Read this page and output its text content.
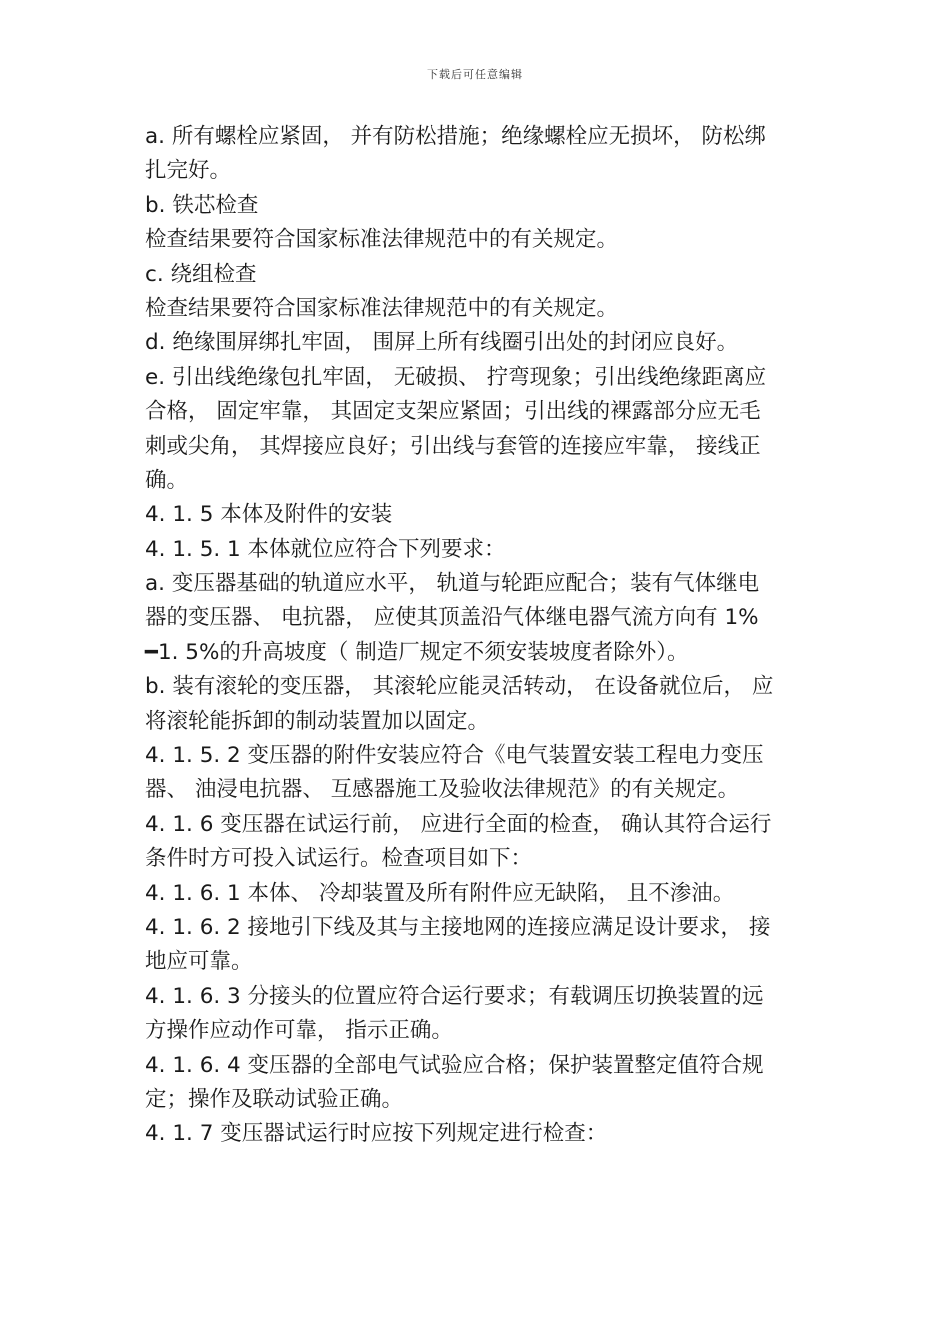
下载后可任意编辑
a. 所有螺栓应紧固， 并有防松措施；绝缘螺栓应无损坏， 防松绑
扎完好。
b. 铁芯检查
检查结果要符合国家标准法律规范中的有关规定。
c. 绕组检查
检查结果要符合国家标准法律规范中的有关规定。
d. 绝缘围屏绑扎牢固， 围屏上所有线圈引出处的封闭应良好。
e. 引出线绝缘包扎牢固， 无破损、 拧弯现象；引出线绝缘距离应
合格， 固定牢靠， 其固定支架应紧固；引出线的裸露部分应无毛
刺或尖角， 其焊接应良好；引出线与套管的连接应牢靠， 接线正
确。
4. 1. 5 本体及附件的安装
4. 1. 5. 1 本体就位应符合下列要求：
a. 变压器基础的轨道应水平， 轨道与轮距应配合；装有气体继电
器的变压器、 电抗器， 应使其顶盖沿气体继电器气流方向有 1%
━1. 5%的升高坡度（ 制造厂规定不须安装坡度者除外）。
b. 装有滚轮的变压器， 其滚轮应能灵活转动， 在设备就位后， 应
将滚轮能拆卸的制动装置加以固定。
4. 1. 5. 2 变压器的附件安装应符合《电气装置安装工程电力变压
器、 油浸电抗器、 互感器施工及验收法律规范》的有关规定。
4. 1. 6 变压器在试运行前， 应进行全面的检查， 确认其符合运行
条件时方可投入试运行。检查项目如下：
4. 1. 6. 1 本体、 冷却装置及所有附件应无缺陷， 且不渗油。
4. 1. 6. 2 接地引下线及其与主接地网的连接应满足设计要求， 接
地应可靠。
4. 1. 6. 3 分接头的位置应符合运行要求；有载调压切换装置的远
方操作应动作可靠， 指示正确。
4. 1. 6. 4 变压器的全部电气试验应合格；保护装置整定值符合规
定；操作及联动试验正确。
4. 1. 7 变压器试运行时应按下列规定进行检查：
